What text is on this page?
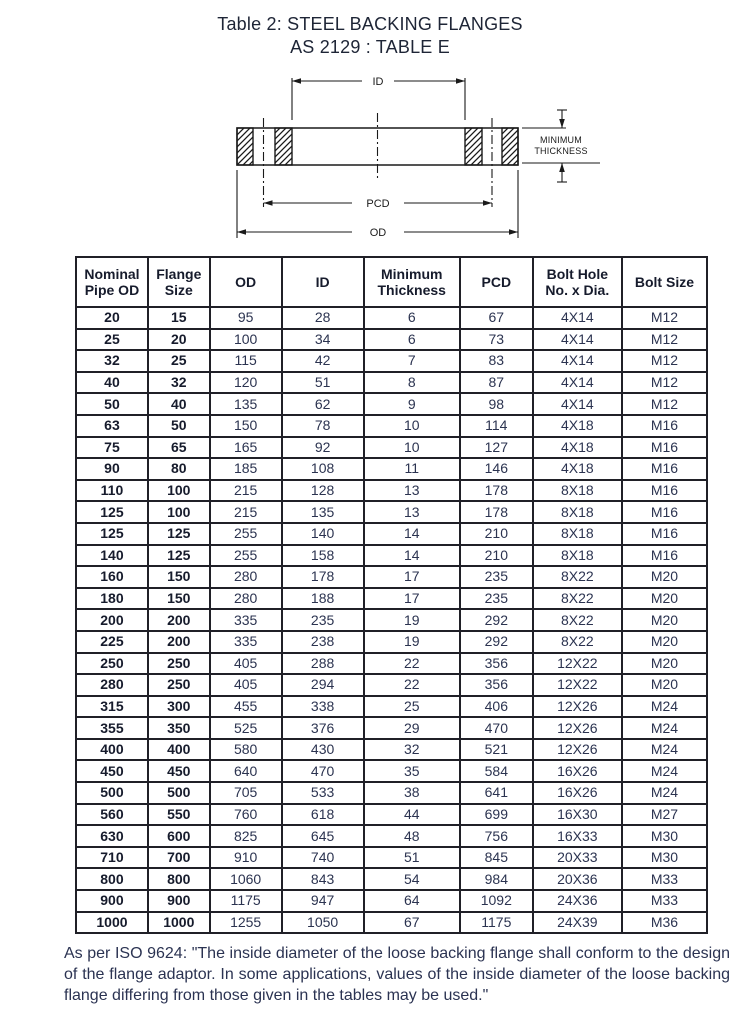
Table 2: STEEL BACKING FLANGES
AS 2129 : TABLE E
ID
PCD
OD
MINIMUM
THICKNESS
Nominal Pipe OD	Flange Size	OD	ID	Minimum Thickness	PCD	Bolt Hole No. x Dia.	Bolt Size
20	15	95	28	6	67	4X14	M12
25	20	100	34	6	73	4X14	M12
32	25	115	42	7	83	4X14	M12
40	32	120	51	8	87	4X14	M12
50	40	135	62	9	98	4X14	M12
63	50	150	78	10	114	4X18	M16
75	65	165	92	10	127	4X18	M16
90	80	185	108	11	146	4X18	M16
110	100	215	128	13	178	8X18	M16
125	100	215	135	13	178	8X18	M16
125	125	255	140	14	210	8X18	M16
140	125	255	158	14	210	8X18	M16
160	150	280	178	17	235	8X22	M20
180	150	280	188	17	235	8X22	M20
200	200	335	235	19	292	8X22	M20
225	200	335	238	19	292	8X22	M20
250	250	405	288	22	356	12X22	M20
280	250	405	294	22	356	12X22	M20
315	300	455	338	25	406	12X26	M24
355	350	525	376	29	470	12X26	M24
400	400	580	430	32	521	12X26	M24
450	450	640	470	35	584	16X26	M24
500	500	705	533	38	641	16X26	M24
560	550	760	618	44	699	16X30	M27
630	600	825	645	48	756	16X33	M30
710	700	910	740	51	845	20X33	M30
800	800	1060	843	54	984	20X36	M33
900	900	1175	947	64	1092	24X36	M33
1000	1000	1255	1050	67	1175	24X39	M36

As per ISO 9624: "The inside diameter of the loose backing flange shall conform to the design of the flange adaptor. In some applications, values of the inside diameter of the loose backing flange differing from those given in the tables may be used."
